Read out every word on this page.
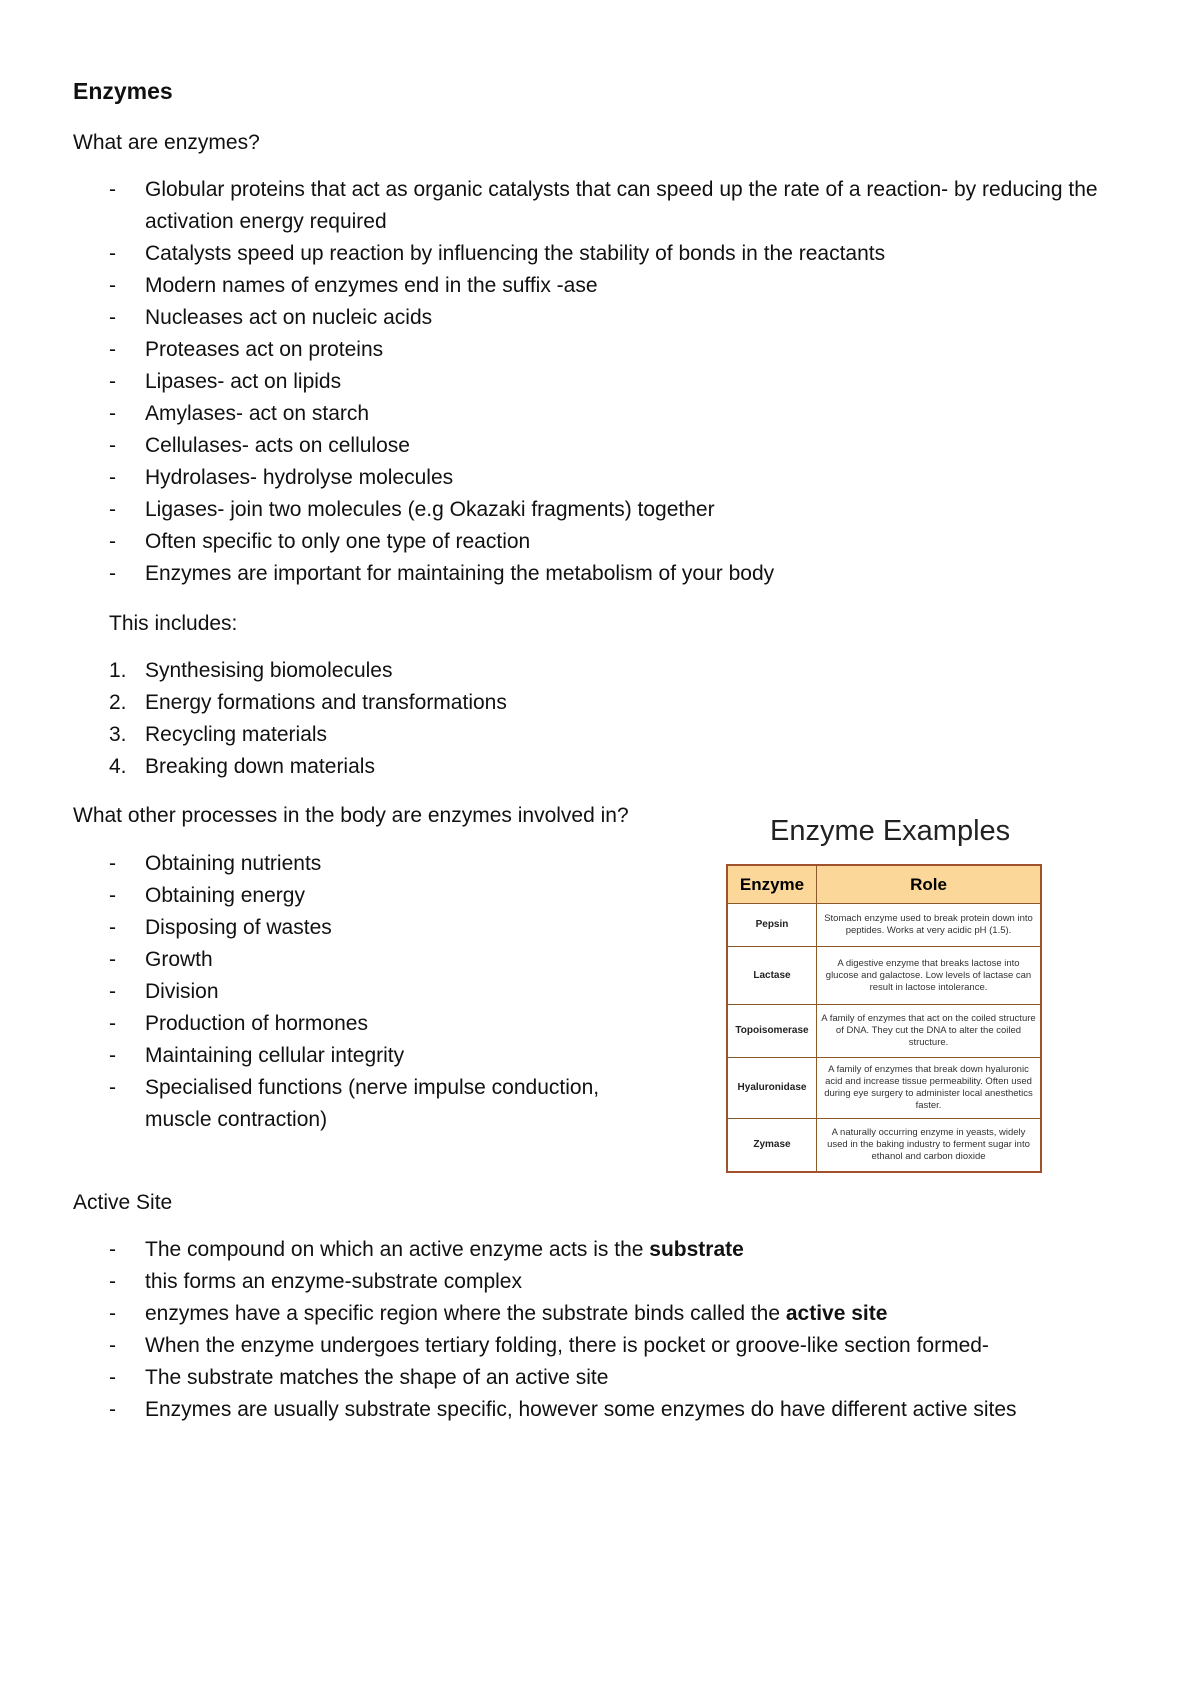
Enzymes

What are enzymes?

-	Globular proteins that act as organic catalysts that can speed up the rate of a reaction- by reducing the activation energy required
-	Catalysts speed up reaction by influencing the stability of bonds in the reactants
-	Modern names of enzymes end in the suffix -ase
-	Nucleases act on nucleic acids
-	Proteases act on proteins
-	Lipases- act on lipids
-	Amylases- act on starch
-	Cellulases- acts on cellulose
-	Hydrolases- hydrolyse molecules
-	Ligases- join two molecules (e.g Okazaki fragments) together
-	Often specific to only one type of reaction
-	Enzymes are important for maintaining the metabolism of your body

This includes:

1. Synthesising biomolecules
2. Energy formations and transformations
3. Recycling materials
4. Breaking down materials

What other processes in the body are enzymes involved in?

-	Obtaining nutrients
-	Obtaining energy
-	Disposing of wastes
-	Growth
-	Division
-	Production of hormones
-	Maintaining cellular integrity
-	Specialised functions (nerve impulse conduction, muscle contraction)
Enzyme Examples
Enzyme	Role
Pepsin	Stomach enzyme used to break protein down into peptides. Works at very acidic pH (1.5).
Lactase	A digestive enzyme that breaks lactose into glucose and galactose. Low levels of lactase can result in lactose intolerance.
Topoisomerase	A family of enzymes that act on the coiled structure of DNA. They cut the DNA to alter the coiled structure.
Hyaluronidase	A family of enzymes that break down hyaluronic acid and increase tissue permeability. Often used during eye surgery to administer local anesthetics faster.
Zymase	A naturally occurring enzyme in yeasts, widely used in the baking industry to ferment sugar into ethanol and carbon dioxide

Active Site

-	The compound on which an active enzyme acts is the substrate
-	this forms an enzyme-substrate complex
-	enzymes have a specific region where the substrate binds called the active site
-	When the enzyme undergoes tertiary folding, there is pocket or groove-like section formed-
-	The substrate matches the shape of an active site
-	Enzymes are usually substrate specific, however some enzymes do have different active sites
